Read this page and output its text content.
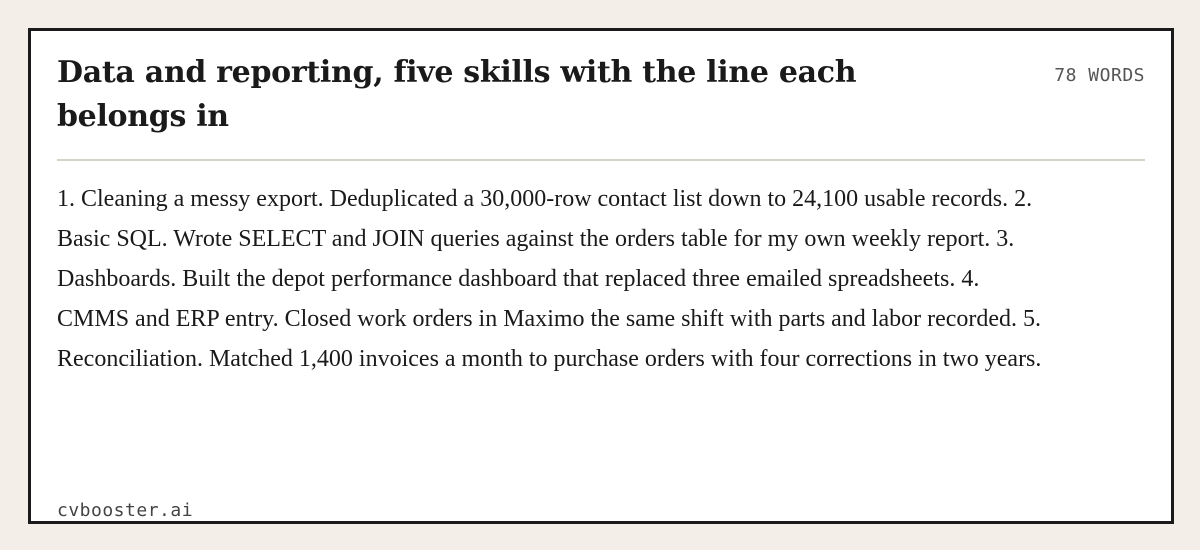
Data and reporting, five skills with the line each belongs in
78 WORDS

1. Cleaning a messy export. Deduplicated a 30,000-row contact list down to 24,100 usable records. 2. Basic SQL. Wrote SELECT and JOIN queries against the orders table for my own weekly report. 3. Dashboards. Built the depot performance dashboard that replaced three emailed spreadsheets. 4. CMMS and ERP entry. Closed work orders in Maximo the same shift with parts and labor recorded. 5. Reconciliation. Matched 1,400 invoices a month to purchase orders with four corrections in two years.

cvbooster.ai
